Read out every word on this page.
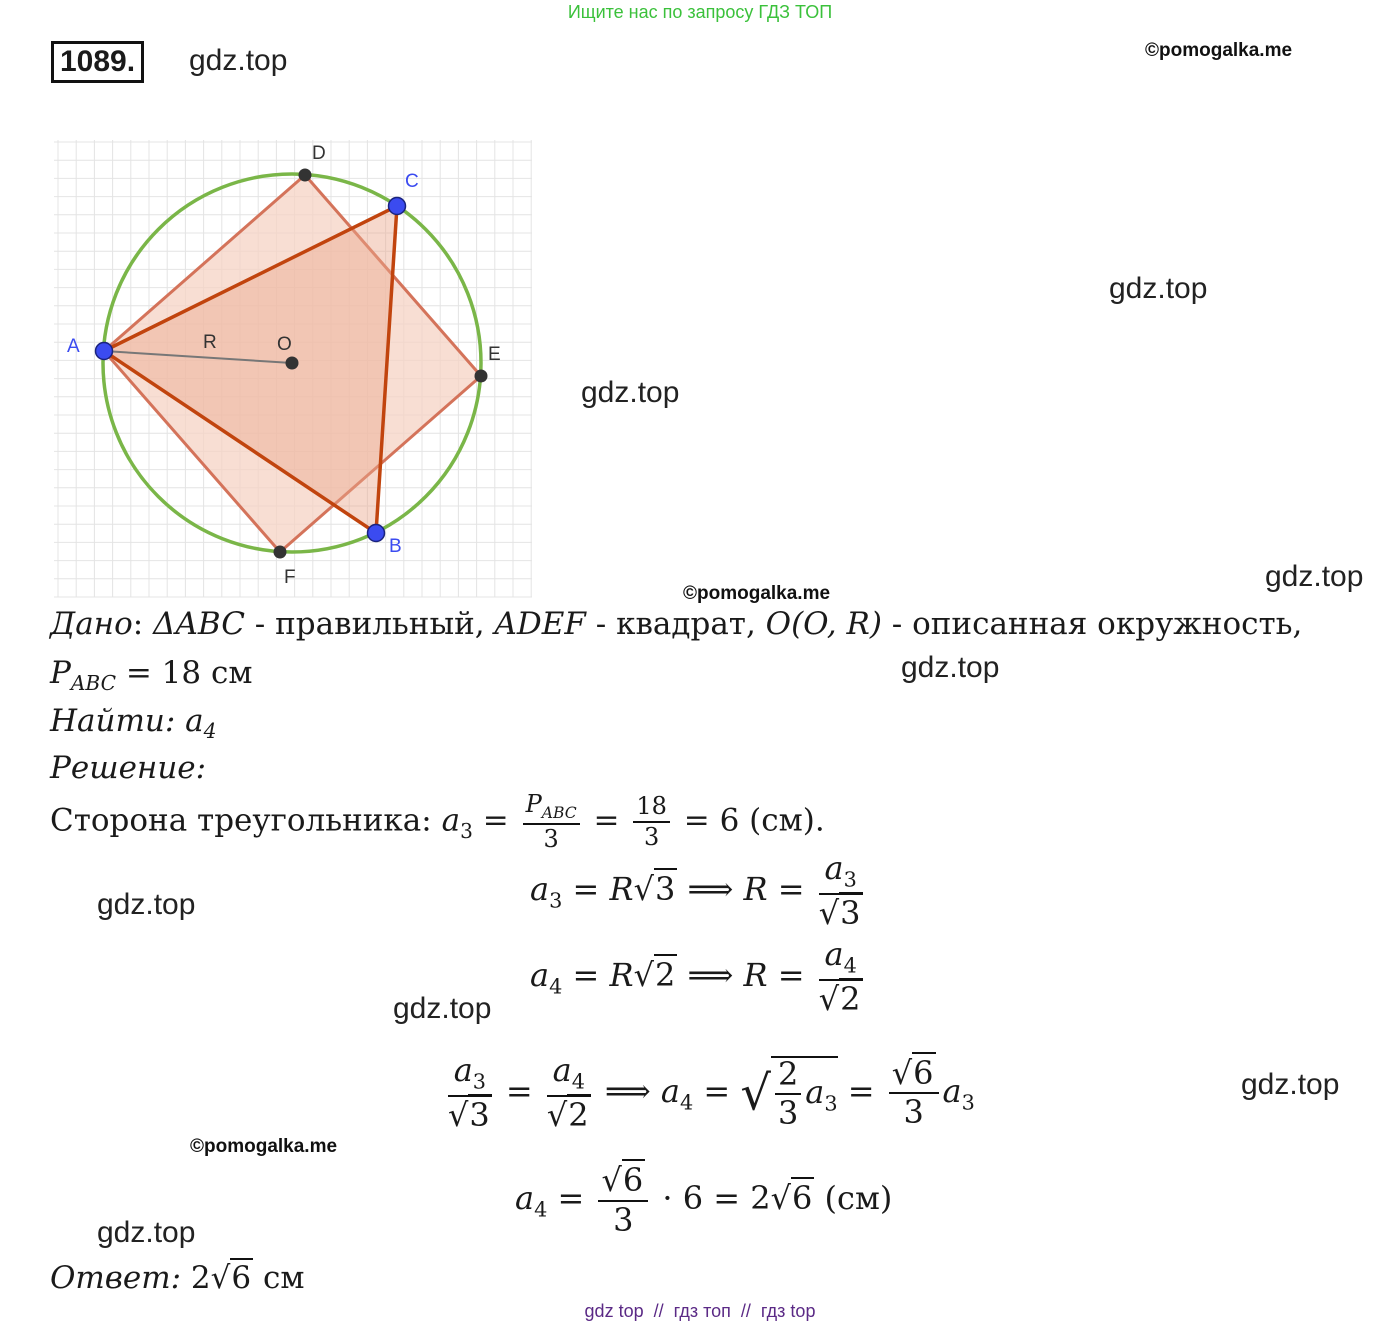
Ищите нас по запросу ГДЗ ТОП
1089.	gdz.top	©pomogalka.me
gdz.top
gdz.top
gdz.top
gdz.top
gdz.top
gdz.top
gdz.top
gdz.top
©pomogalka.me
©pomogalka.me
D
C
A	R	O	E
B
F
Дано: ΔABC - правильный, ADEF - квадрат, O(O, R) - описанная окружность,
$P_{ABC} = 18$ см
Найти: $a_4$
Решение:
Сторона треугольника: $a_3 = \frac{P_{ABC}}{3} = \frac{18}{3} = 6$ (см).
$a_3 = R√3$ ⟹ $R = \frac{a_3}{√3}$
$a_4 = R√2$ ⟹ $R = \frac{a_4}{√2}$
$\frac{a_3}{√3} = \frac{a_4}{√2}$ ⟹ $a_4$ = √ $\frac{2}{3} a_3 = \frac{√6}{3} a_3$
$a_4 = \frac{√6}{3} \cdot 6 = 2√6$ (см)
Ответ: 2√6 см
gdz top  //  гдз топ  //  гдз top
